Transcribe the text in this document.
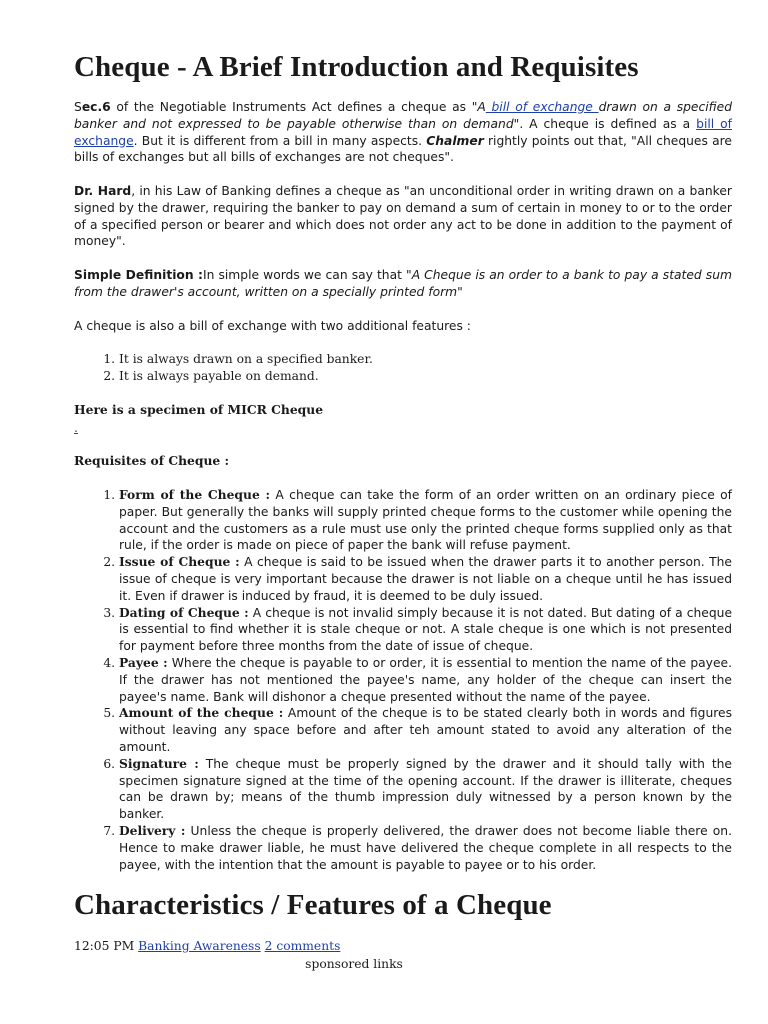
Cheque - A Brief Introduction and Requisites

Sec.6 of the Negotiable Instruments Act defines a cheque as "A bill of exchange drawn on a specified banker and not expressed to be payable otherwise than on demand". A cheque is defined as a bill of exchange. But it is different from a bill in many aspects. Chalmer rightly points out that, "All cheques are bills of exchanges but all bills of exchanges are not cheques".

Dr. Hard, in his Law of Banking defines a cheque as "an unconditional order in writing drawn on a banker signed by the drawer, requiring the banker to pay on demand a sum of certain in money to or to the order of a specified person or bearer and which does not order any act to be done in addition to the payment of money".

Simple Definition :In simple words we can say that "A Cheque is an order to a bank to pay a stated sum from the drawer's account, written on a specially printed form"

A cheque is also a bill of exchange with two additional features :

1. It is always drawn on a specified banker.
2. It is always payable on demand.

Here is a specimen of MICR Cheque

.

Requisites of Cheque :

1. Form of the Cheque : A cheque can take the form of an order written on an ordinary piece of paper. But generally the banks will supply printed cheque forms to the customer while opening the account and the customers as a rule must use only the printed cheque forms supplied only as that rule, if the order is made on piece of paper the bank will refuse payment.
2. Issue of Cheque : A cheque is said to be issued when the drawer parts it to another person. The issue of cheque is very important because the drawer is not liable on a cheque until he has issued it. Even if drawer is induced by fraud, it is deemed to be duly issued.
3. Dating of Cheque : A cheque is not invalid simply because it is not dated. But dating of a cheque is essential to find whether it is stale cheque or not. A stale cheque is one which is not presented for payment before three months from the date of issue of cheque.
4. Payee : Where the cheque is payable to or order, it is essential to mention the name of the payee. If the drawer has not mentioned the payee's name, any holder of the cheque can insert the payee's name. Bank will dishonor a cheque presented without the name of the payee.
5. Amount of the cheque : Amount of the cheque is to be stated clearly both in words and figures without leaving any space before and after teh amount stated to avoid any alteration of the amount.
6. Signature : The cheque must be properly signed by the drawer and it should tally with the specimen signature signed at the time of the opening account. If the drawer is illiterate, cheques can be drawn by; means of the thumb impression duly witnessed by a person known by the banker.
7. Delivery : Unless the cheque is properly delivered, the drawer does not become liable there on. Hence to make drawer liable, he must have delivered the cheque complete in all respects to the payee, with the intention that the amount is payable to payee or to his order.
Characteristics / Features of a Cheque

12:05 PM Banking Awareness 2 comments

sponsored links
